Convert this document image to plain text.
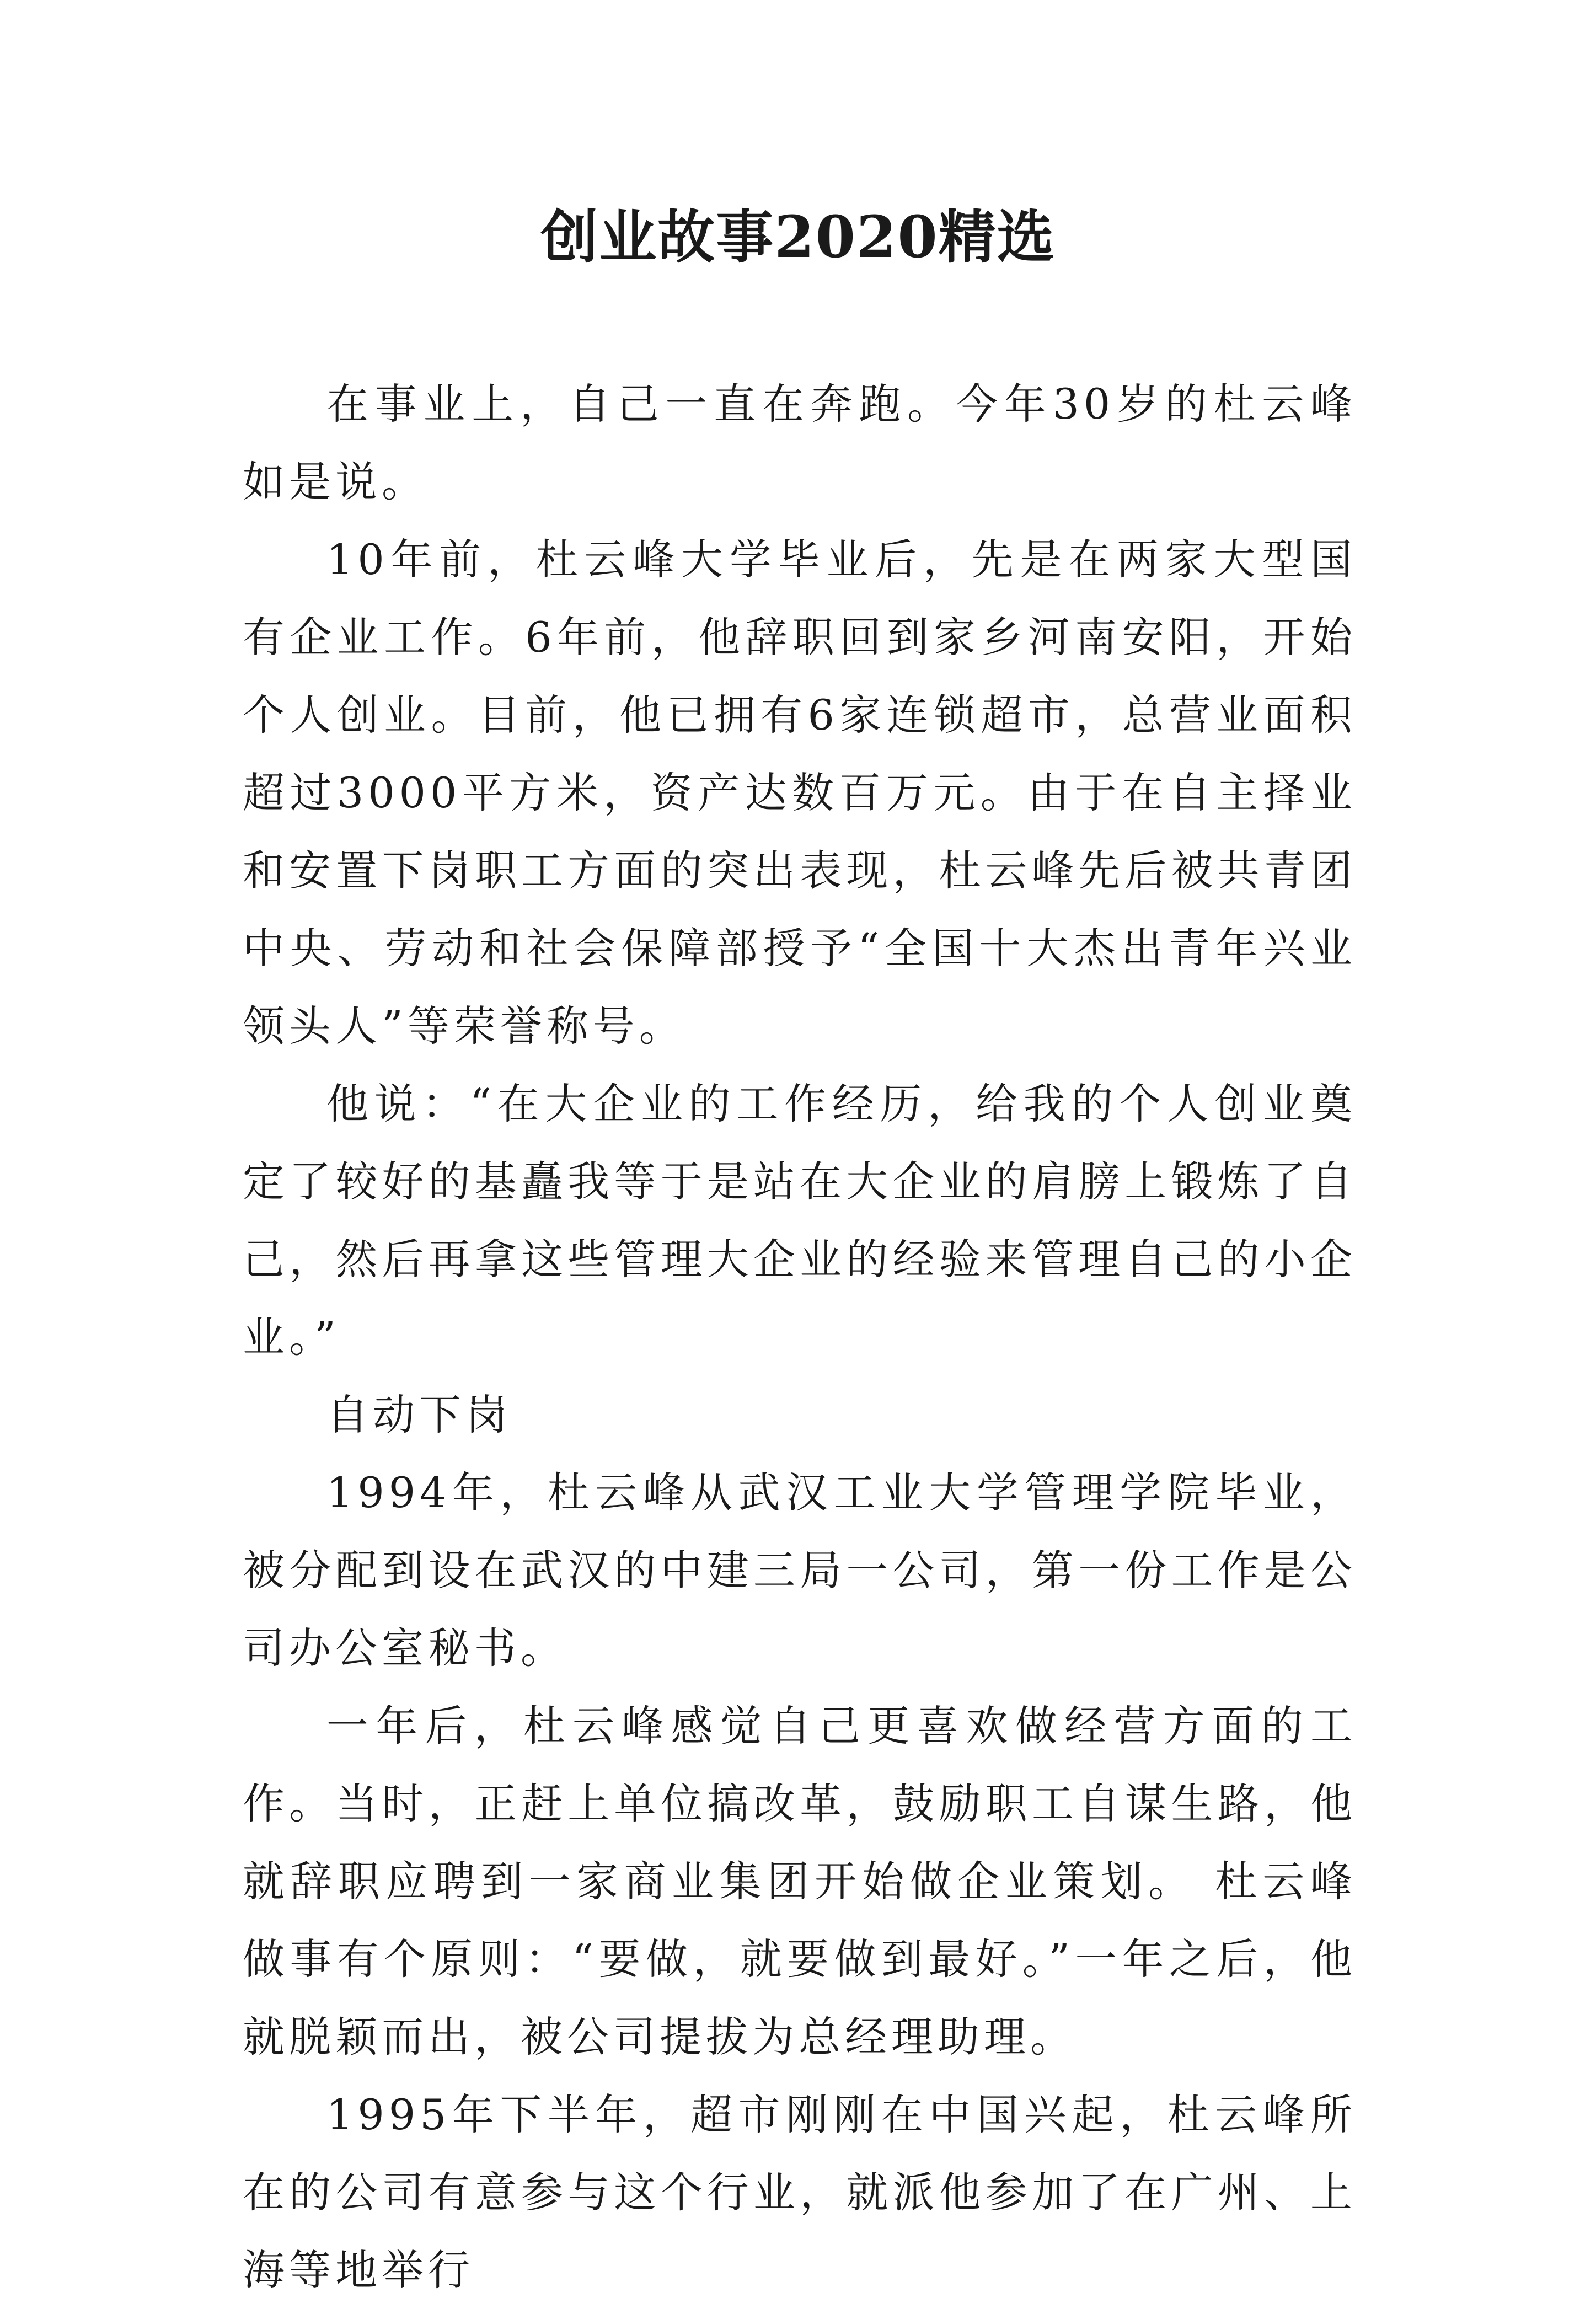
创业故事2020精选

在事业上，自己一直在奔跑。今年30岁的杜云峰如是说。

10年前，杜云峰大学毕业后，先是在两家大型国有企业工作。6年前，他辞职回到家乡河南安阳，开始个人创业。目前，他已拥有6家连锁超市，总营业面积超过3000平方米，资产达数百万元。由于在自主择业和安置下岗职工方面的突出表现，杜云峰先后被共青团中央、劳动和社会保障部授予“全国十大杰出青年兴业领头人”等荣誉称号。

他说：“在大企业的工作经历，给我的个人创业奠定了较好的基矗我等于是站在大企业的肩膀上锻炼了自己，然后再拿这些管理大企业的经验来管理自己的小企业。”

自动下岗

1994年，杜云峰从武汉工业大学管理学院毕业，被分配到设在武汉的中建三局一公司，第一份工作是公司办公室秘书。

一年后，杜云峰感觉自己更喜欢做经营方面的工作。当时，正赶上单位搞改革，鼓励职工自谋生路，他就辞职应聘到一家商业集团开始做企业策划。 杜云峰做事有个原则：“要做，就要做到最好。”一年之后，他就脱颖而出，被公司提拔为总经理助理。

1995年下半年，超市刚刚在中国兴起，杜云峰所在的公司有意参与这个行业，就派他参加了在广州、上海等地举行
